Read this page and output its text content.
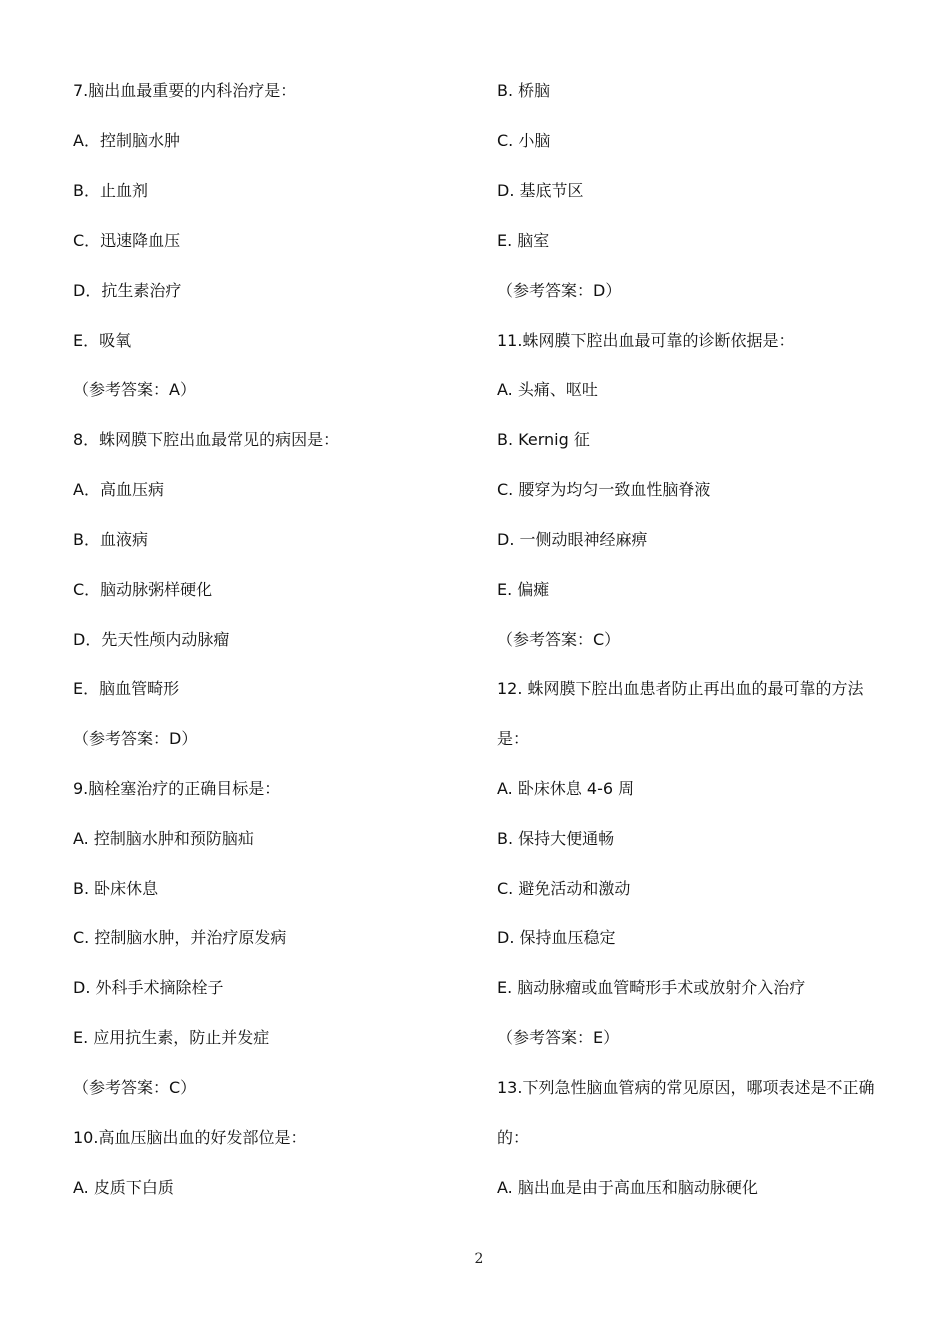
7.脑出血最重要的内科治疗是：
A．控制脑水肿
B．止血剂
C．迅速降血压
D．抗生素治疗
E．吸氧
（参考答案：A）
8．蛛网膜下腔出血最常见的病因是：
A．高血压病
B．血液病
C．脑动脉粥样硬化
D．先天性颅内动脉瘤
E．脑血管畸形
（参考答案：D）
9.脑栓塞治疗的正确目标是：
A. 控制脑水肿和预防脑疝
B. 卧床休息
C. 控制脑水肿，并治疗原发病
D. 外科手术摘除栓子
E. 应用抗生素，防止并发症
（参考答案：C）
10.高血压脑出血的好发部位是：
A. 皮质下白质
B. 桥脑
C. 小脑
D. 基底节区
E. 脑室
（参考答案：D）
11.蛛网膜下腔出血最可靠的诊断依据是：
A. 头痛、呕吐
B. Kernig 征
C. 腰穿为均匀一致血性脑脊液
D. 一侧动眼神经麻痹
E. 偏瘫
（参考答案：C）
12. 蛛网膜下腔出血患者防止再出血的最可靠的方法
是：
A. 卧床休息 4-6 周
B. 保持大便通畅
C. 避免活动和激动
D. 保持血压稳定
E. 脑动脉瘤或血管畸形手术或放射介入治疗
（参考答案：E）
13.下列急性脑血管病的常见原因，哪项表述是不正确
的：
A. 脑出血是由于高血压和脑动脉硬化
2
